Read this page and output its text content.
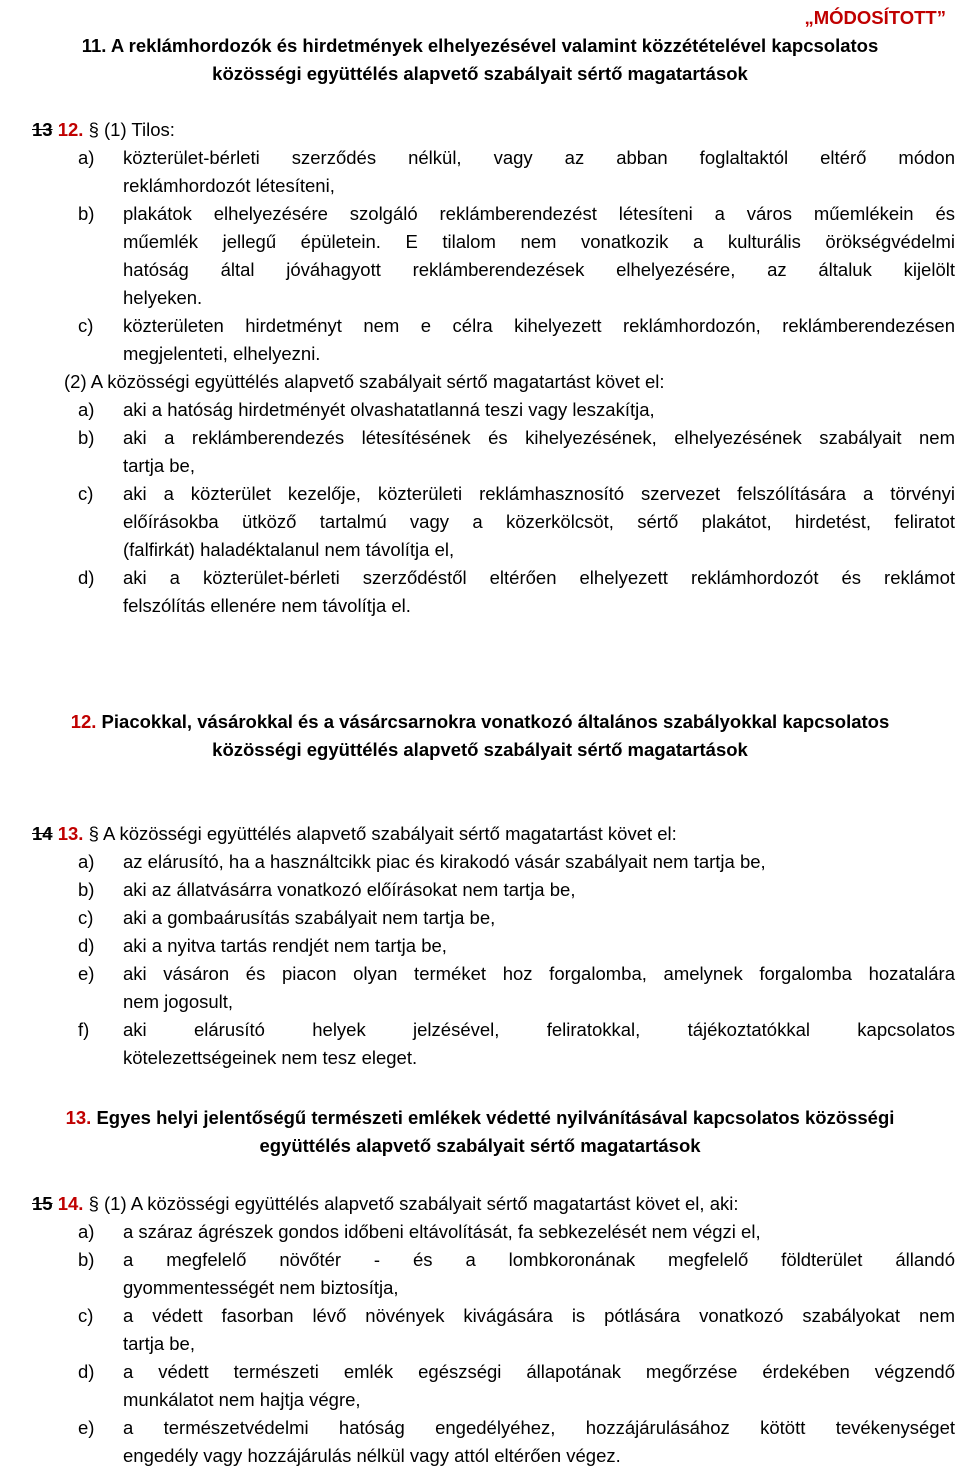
„MÓDOSÍTOTT”
11. A reklámhordozók és hirdetmények elhelyezésével valamint közzétételével kapcsolatos
közösségi együttélés alapvető szabályait sértő magatartások
13 12. § (1) Tilos:
a) közterület-bérleti szerződés nélkül, vagy az abban foglaltaktól eltérő módon
reklámhordozót létesíteni,
b) plakátok elhelyezésére szolgáló reklámberendezést létesíteni a város műemlékein és
műemlék jellegű épületein. E tilalom nem vonatkozik a kulturális örökségvédelmi
hatóság által jóváhagyott reklámberendezések elhelyezésére, az általuk kijelölt
helyeken.
c) közterületen hirdetményt nem e célra kihelyezett reklámhordozón, reklámberendezésen
megjelenteti, elhelyezni.
(2) A közösségi együttélés alapvető szabályait sértő magatartást követ el:
a) aki a hatóság hirdetményét olvashatatlanná teszi vagy leszakítja,
b) aki a reklámberendezés létesítésének és kihelyezésének, elhelyezésének szabályait nem
tartja be,
c) aki a közterület kezelője, közterületi reklámhasznosító szervezet felszólítására a törvényi
előírásokba ütköző tartalmú vagy a közerkölcsöt, sértő plakátot, hirdetést, feliratot
(falfirkát) haladéktalanul nem távolítja el,
d) aki a közterület-bérleti szerződéstől eltérően elhelyezett reklámhordozót és reklámot
felszólítás ellenére nem távolítja el.
12. Piacokkal, vásárokkal és a vásárcsarnokra vonatkozó általános szabályokkal kapcsolatos
közösségi együttélés alapvető szabályait sértő magatartások
14 13. § A közösségi együttélés alapvető szabályait sértő magatartást követ el:
a) az elárusító, ha a használtcikk piac és kirakodó vásár szabályait nem tartja be,
b) aki az állatvásárra vonatkozó előírásokat nem tartja be,
c) aki a gombaárusítás szabályait nem tartja be,
d) aki a nyitva tartás rendjét nem tartja be,
e) aki vásáron és piacon olyan terméket hoz forgalomba, amelynek forgalomba hozatalára
nem jogosult,
f) aki elárusító helyek jelzésével, feliratokkal, tájékoztatókkal kapcsolatos
kötelezettségeinek nem tesz eleget.
13. Egyes helyi jelentőségű természeti emlékek védetté nyilvánításával kapcsolatos közösségi
együttélés alapvető szabályait sértő magatartások
15 14. § (1) A közösségi együttélés alapvető szabályait sértő magatartást követ el, aki:
a) a száraz ágrészek gondos időbeni eltávolítását, fa sebkezelését nem végzi el,
b) a megfelelő növőtér - és a lombkoronának megfelelő földterület állandó
gyommentességét nem biztosítja,
c) a védett fasorban lévő növények kivágására is pótlására vonatkozó szabályokat nem
tartja be,
d) a védett természeti emlék egészségi állapotának megőrzése érdekében végzendő
munkálatot nem hajtja végre,
e) a természetvédelmi hatóság engedélyéhez, hozzájárulásához kötött tevékenységet
engedély vagy hozzájárulás nélkül vagy attól eltérően végez.
